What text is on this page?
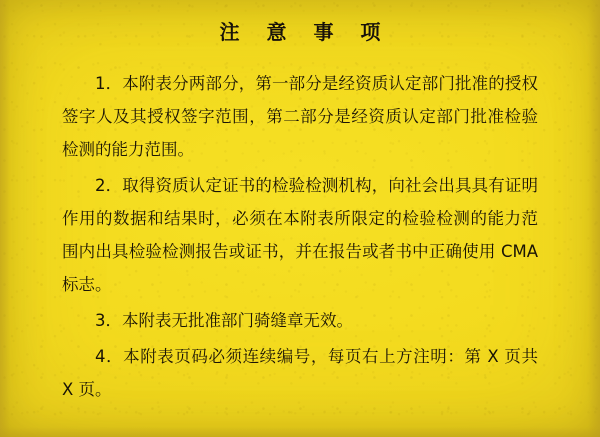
注 意 事 项

1．本附表分两部分，第一部分是经资质认定部门批准的授权签字人及其授权签字范围，第二部分是经资质认定部门批准检验检测的能力范围。

2．取得资质认定证书的检验检测机构，向社会出具具有证明作用的数据和结果时，必须在本附表所限定的检验检测的能力范围内出具检验检测报告或证书，并在报告或者书中正确使用 CMA 标志。

3．本附表无批准部门骑缝章无效。

4．本附表页码必须连续编号，每页右上方注明：第 X 页共 X 页。
